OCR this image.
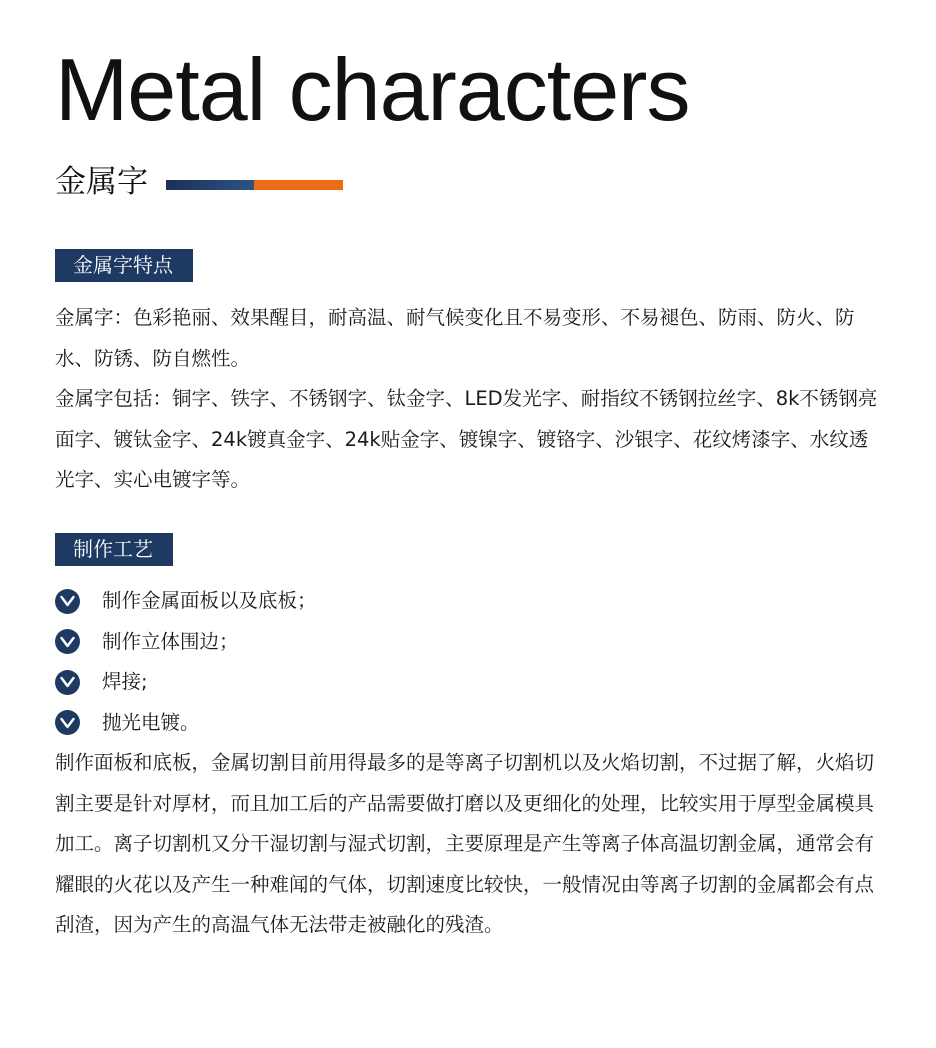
Metal characters
金属字
金属字特点

金属字：色彩艳丽、效果醒目，耐高温、耐气候变化且不易变形、不易褪色、防雨、防火、防水、防锈、防自燃性。

金属字包括：铜字、铁字、不锈钢字、钛金字、LED发光字、耐指纹不锈钢拉丝字、8k不锈钢亮面字、镀钛金字、24k镀真金字、24k贴金字、镀镍字、镀铬字、沙银字、花纹烤漆字、水纹透光字、实心电镀字等。

制作工艺
制作金属面板以及底板；
制作立体围边；
焊接;
抛光电镀。

制作面板和底板，金属切割目前用得最多的是等离子切割机以及火焰切割，不过据了解，火焰切割主要是针对厚材，而且加工后的产品需要做打磨以及更细化的处理，比较实用于厚型金属模具加工。离子切割机又分干湿切割与湿式切割，主要原理是产生等离子体高温切割金属，通常会有耀眼的火花以及产生一种难闻的气体，切割速度比较快，一般情况由等离子切割的金属都会有点刮渣，因为产生的高温气体无法带走被融化的残渣。
